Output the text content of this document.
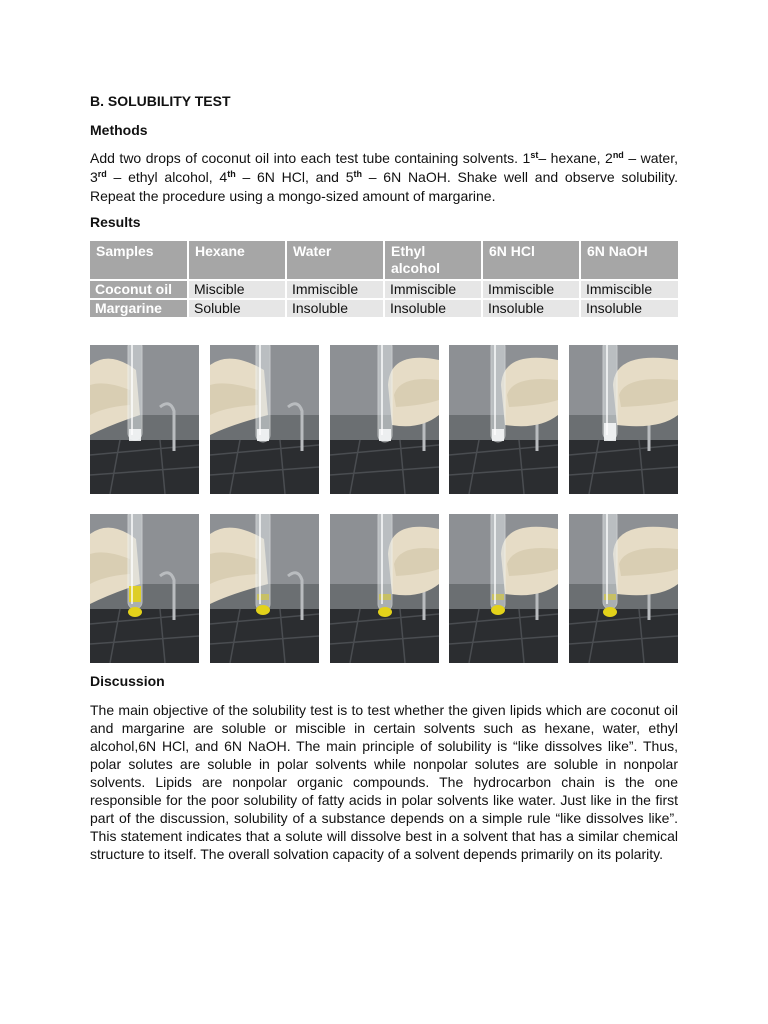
B. SOLUBILITY TEST
Methods
Add two drops of coconut oil into each test tube containing solvents. 1st– hexane, 2nd – water, 3rd – ethyl alcohol, 4th – 6N HCl, and 5th – 6N NaOH. Shake well and observe solubility. Repeat the procedure using a mongo-sized amount of margarine.
Results
Samples	Hexane	Water	Ethyl alcohol	6N HCl	6N NaOH
Coconut oil	Miscible	Immiscible	Immiscible	Immiscible	Immiscible
Margarine	Soluble	Insoluble	Insoluble	Insoluble	Insoluble
Discussion
The main objective of the solubility test is to test whether the given lipids which are coconut oil and margarine are soluble or miscible in certain solvents such as hexane, water, ethyl alcohol,6N HCl, and 6N NaOH. The main principle of solubility is “like dissolves like”. Thus, polar solutes are soluble in polar solvents while nonpolar solutes are soluble in nonpolar solvents. Lipids are nonpolar organic compounds. The hydrocarbon chain is the one responsible for the poor solubility of fatty acids in polar solvents like water. Just like in the first part of the discussion, solubility of a substance depends on a simple rule “like dissolves like”. This statement indicates that a solute will dissolve best in a solvent that has a similar chemical structure to itself. The overall solvation capacity of a solvent depends primarily on its polarity.
